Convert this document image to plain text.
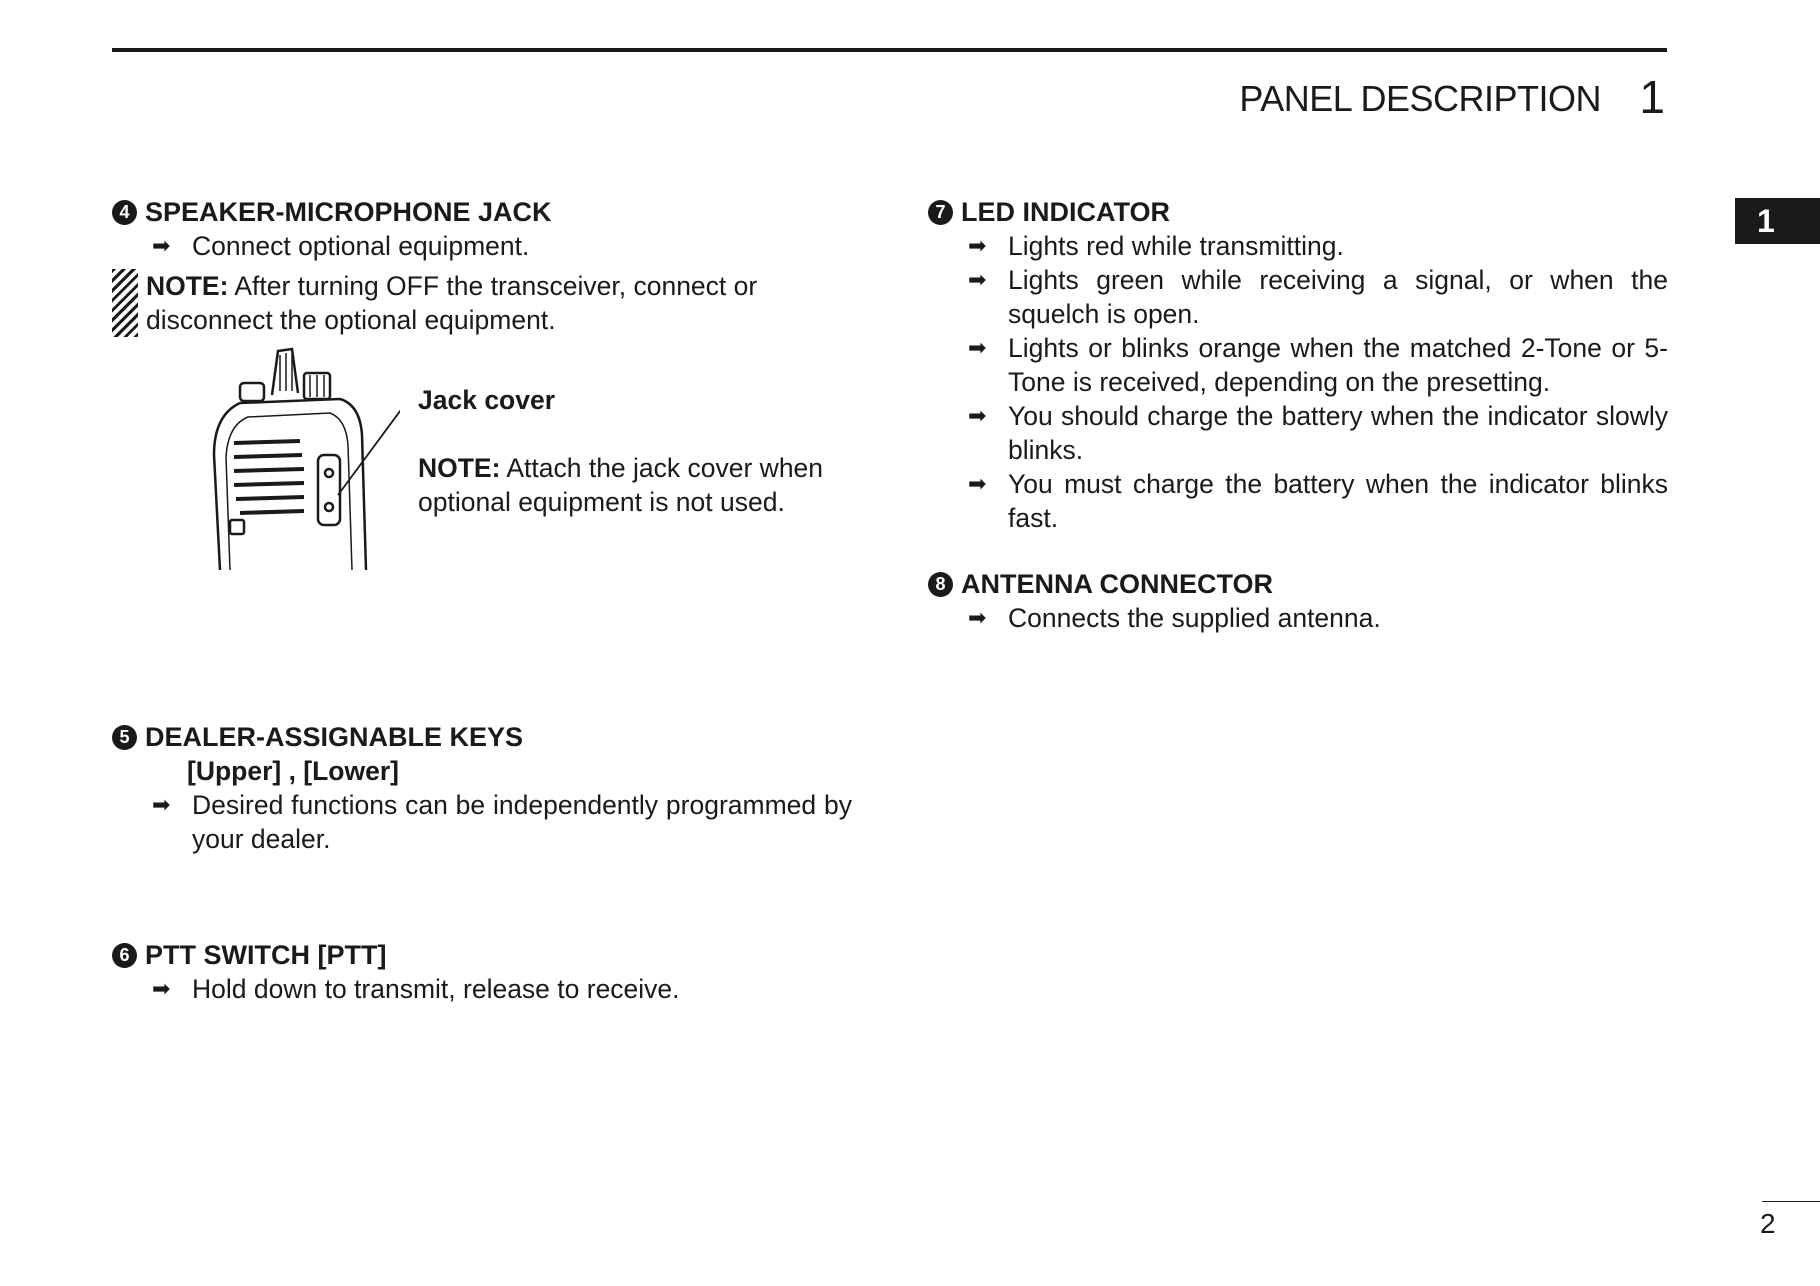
PANEL DESCRIPTION 1
1
4 SPEAKER-MICROPHONE JACK
➡ Connect optional equipment.
NOTE: After turning OFF the transceiver, connect or disconnect the optional equipment.
Jack cover
NOTE: Attach the jack cover when optional equipment is not used.
5 DEALER-ASSIGNABLE KEYS
[Upper] , [Lower]
➡ Desired functions can be independently programmed by your dealer.
6 PTT SWITCH [PTT]
➡ Hold down to transmit, release to receive.
7 LED INDICATOR
➡ Lights red while transmitting.
➡ Lights green while receiving a signal, or when the squelch is open.
➡ Lights or blinks orange when the matched 2-Tone or 5-Tone is received, depending on the presetting.
➡ You should charge the battery when the indicator slowly blinks.
➡ You must charge the battery when the indicator blinks fast.
8 ANTENNA CONNECTOR
➡ Connects the supplied antenna.
2
